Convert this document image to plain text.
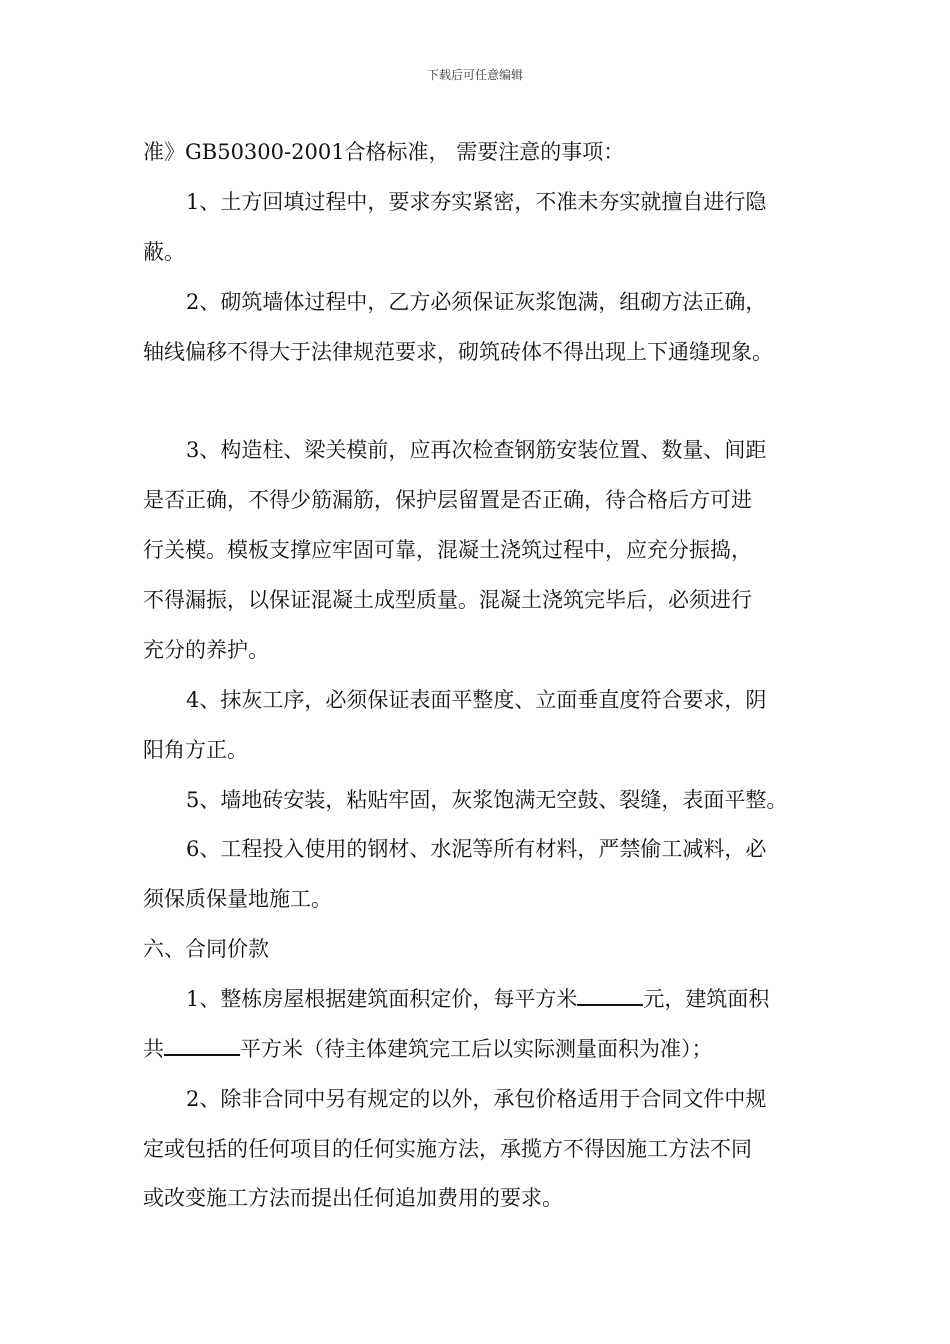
下载后可任意编辑
准》GB50300-2001合格标准， 需要注意的事项：
1、土方回填过程中，要求夯实紧密，不准未夯实就擅自进行隐
蔽。
2、砌筑墙体过程中，乙方必须保证灰浆饱满，组砌方法正确，
轴线偏移不得大于法律规范要求，砌筑砖体不得出现上下通缝现象。
3、构造柱、梁关模前，应再次检查钢筋安装位置、数量、间距
是否正确，不得少筋漏筋，保护层留置是否正确，待合格后方可进
行关模。模板支撑应牢固可靠，混凝土浇筑过程中，应充分振捣，
不得漏振，以保证混凝土成型质量。混凝土浇筑完毕后，必须进行
充分的养护。
4、抹灰工序，必须保证表面平整度、立面垂直度符合要求，阴
阳角方正。
5、墙地砖安装，粘贴牢固，灰浆饱满无空鼓、裂缝，表面平整。
6、工程投入使用的钢材、水泥等所有材料，严禁偷工减料，必
须保质保量地施工。
六、合同价款
1、整栋房屋根据建筑面积定价，每平方米	元，建筑面积
共	平方米（待主体建筑完工后以实际测量面积为准）；
2、除非合同中另有规定的以外，承包价格适用于合同文件中规
定或包括的任何项目的任何实施方法，承揽方不得因施工方法不同
或改变施工方法而提出任何追加费用的要求。
